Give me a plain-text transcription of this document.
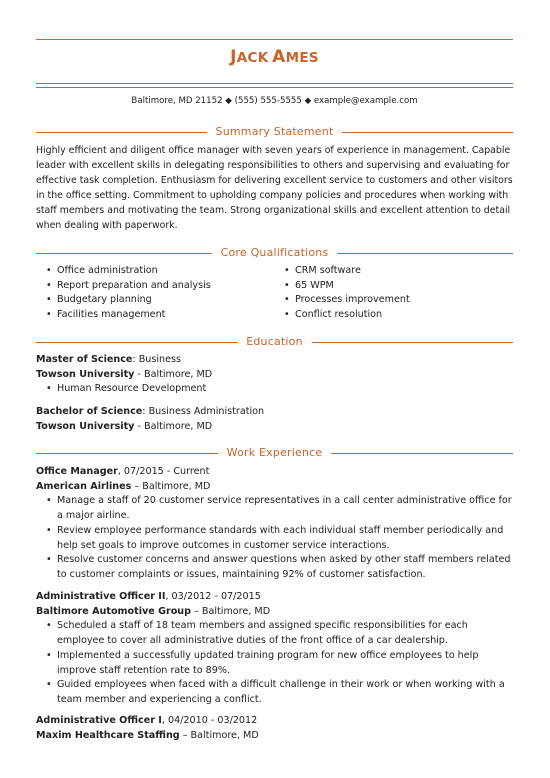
JACK AMES
Baltimore, MD 21152 ◆ (555) 555-5555 ◆ example@example.com
Summary Statement

Highly efficient and diligent office manager with seven years of experience in management. Capable leader with excellent skills in delegating responsibilities to others and supervising and evaluating for effective task completion. Enthusiasm for delivering excellent service to customers and other visitors in the office setting. Commitment to upholding company policies and procedures when working with staff members and motivating the team. Strong organizational skills and excellent attention to detail when dealing with paperwork.

Core Qualifications
• Office administration
• Report preparation and analysis
• Budgetary planning
• Facilities management
• CRM software
• 65 WPM
• Processes improvement
• Conflict resolution
Education
Master of Science: Business
Towson University - Baltimore, MD
• Human Resource Development
Bachelor of Science: Business Administration
Towson University - Baltimore, MD
Work Experience
Office Manager, 07/2015 - Current
American Airlines – Baltimore, MD
• Manage a staff of 20 customer service representatives in a call center administrative office for a major airline.
• Review employee performance standards with each individual staff member periodically and help set goals to improve outcomes in customer service interactions.
• Resolve customer concerns and answer questions when asked by other staff members related to customer complaints or issues, maintaining 92% of customer satisfaction.
Administrative Officer II, 03/2012 - 07/2015
Baltimore Automotive Group – Baltimore, MD
• Scheduled a staff of 18 team members and assigned specific responsibilities for each employee to cover all administrative duties of the front office of a car dealership.
• Implemented a successfully updated training program for new office employees to help improve staff retention rate to 89%.
• Guided employees when faced with a difficult challenge in their work or when working with a team member and experiencing a conflict.
Administrative Officer I, 04/2010 - 03/2012
Maxim Healthcare Staffing – Baltimore, MD
